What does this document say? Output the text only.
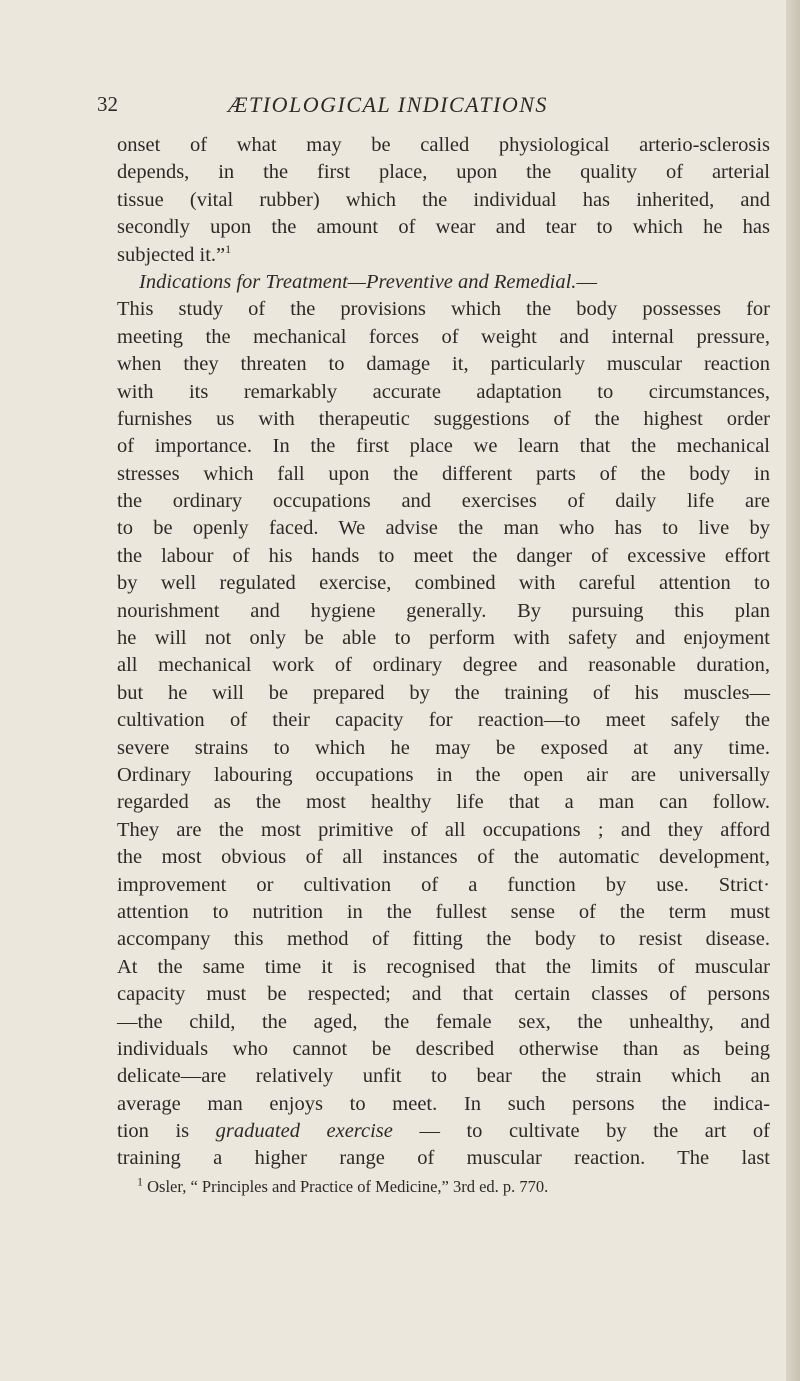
32	ÆTIOLOGICAL INDICATIONS
onset of what may be called physiological arterio-sclerosis
depends, in the first place, upon the quality of arterial
tissue (vital rubber) which the individual has inherited, and
secondly upon the amount of wear and tear to which he has
subjected it.”$^1$
Indications for Treatment—Preventive and Remedial.—
This study of the provisions which the body possesses for
meeting the mechanical forces of weight and internal pressure,
when they threaten to damage it, particularly muscular reaction
with its remarkably accurate adaptation to circumstances,
furnishes us with therapeutic suggestions of the highest order
of importance. In the first place we learn that the mechanical
stresses which fall upon the different parts of the body in
the ordinary occupations and exercises of daily life are
to be openly faced. We advise the man who has to live by
the labour of his hands to meet the danger of excessive effort
by well regulated exercise, combined with careful attention to
nourishment and hygiene generally. By pursuing this plan
he will not only be able to perform with safety and enjoyment
all mechanical work of ordinary degree and reasonable duration,
but he will be prepared by the training of his muscles—
cultivation of their capacity for reaction—to meet safely the
severe strains to which he may be exposed at any time.
Ordinary labouring occupations in the open air are universally
regarded as the most healthy life that a man can follow.
They are the most primitive of all occupations ; and they afford
the most obvious of all instances of the automatic development,
improvement or cultivation of a function by use. Strict·
attention to nutrition in the fullest sense of the term must
accompany this method of fitting the body to resist disease.
At the same time it is recognised that the limits of muscular
capacity must be respected; and that certain classes of persons
—the child, the aged, the female sex, the unhealthy, and
individuals who cannot be described otherwise than as being
delicate—are relatively unfit to bear the strain which an
average man enjoys to meet. In such persons the indica-
tion is graduated exercise — to cultivate by the art of
training a higher range of muscular reaction. The last
$^1$ Osler, “ Principles and Practice of Medicine,” 3rd ed. p. 770.
